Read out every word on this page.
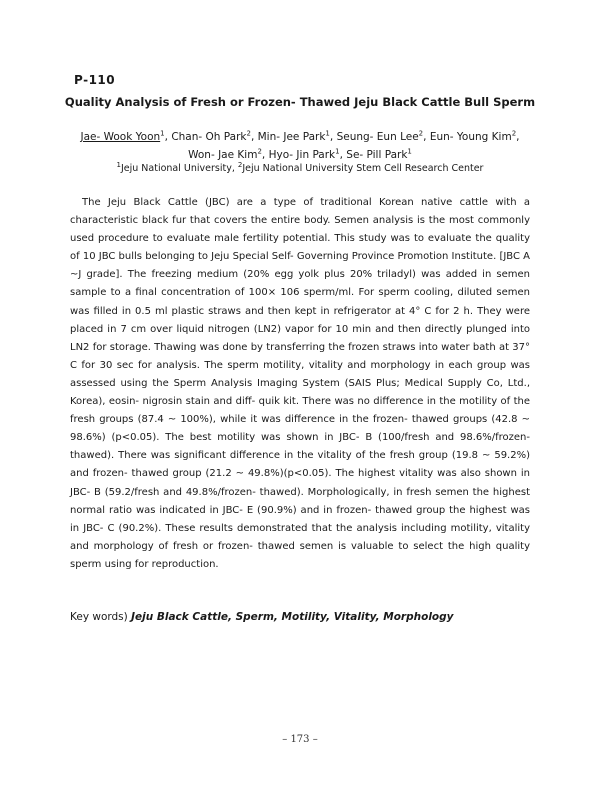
P-110
Quality Analysis of Fresh or Frozen- Thawed Jeju Black Cattle Bull Sperm
Jae- Wook Yoon$^1$, Chan- Oh Park$^2$, Min- Jee Park$^1$, Seung- Eun Lee$^2$, Eun- Young Kim$^2$,
Won- Jae Kim$^2$, Hyo- Jin Park$^1$, Se- Pill Park$^1$
$^1$Jeju National University, $^2$Jeju National University Stem Cell Research Center

The Jeju Black Cattle (JBC) are a type of traditional Korean native cattle with a characteristic black fur that covers the entire body. Semen analysis is the most commonly used procedure to evaluate male fertility potential. This study was to evaluate the quality of 10 JBC bulls belonging to Jeju Special Self- Governing Province Promotion Institute. [JBC A ~J grade]. The freezing medium (20% egg yolk plus 20% triladyl) was added in semen sample to a final concentration of 100× 106 sperm/ml. For sperm cooling, diluted semen was filled in 0.5 ml plastic straws and then kept in refrigerator at 4° C for 2 h. They were placed in 7 cm over liquid nitrogen (LN2) vapor for 10 min and then directly plunged into LN2 for storage. Thawing was done by transferring the frozen straws into water bath at 37° C for 30 sec for analysis. The sperm motility, vitality and morphology in each group was assessed using the Sperm Analysis Imaging System (SAIS Plus; Medical Supply Co, Ltd., Korea), eosin- nigrosin stain and diff- quik kit. There was no difference in the motility of the fresh groups (87.4 ~ 100%), while it was difference in the frozen- thawed groups (42.8 ~ 98.6%) (p<0.05). The best motility was shown in JBC- B (100/fresh and 98.6%/frozen- thawed). There was significant difference in the vitality of the fresh group (19.8 ~ 59.2%) and frozen- thawed group (21.2 ~ 49.8%)(p<0.05). The highest vitality was also shown in JBC- B (59.2/fresh and 49.8%/frozen- thawed). Morphologically, in fresh semen the highest normal ratio was indicated in JBC- E (90.9%) and in frozen- thawed group the highest was in JBC- C (90.2%). These results demonstrated that the analysis including motility, vitality and morphology of fresh or frozen- thawed semen is valuable to select the high quality sperm using for reproduction.

Key words) Jeju Black Cattle, Sperm, Motility, Vitality, Morphology
– 173 –
